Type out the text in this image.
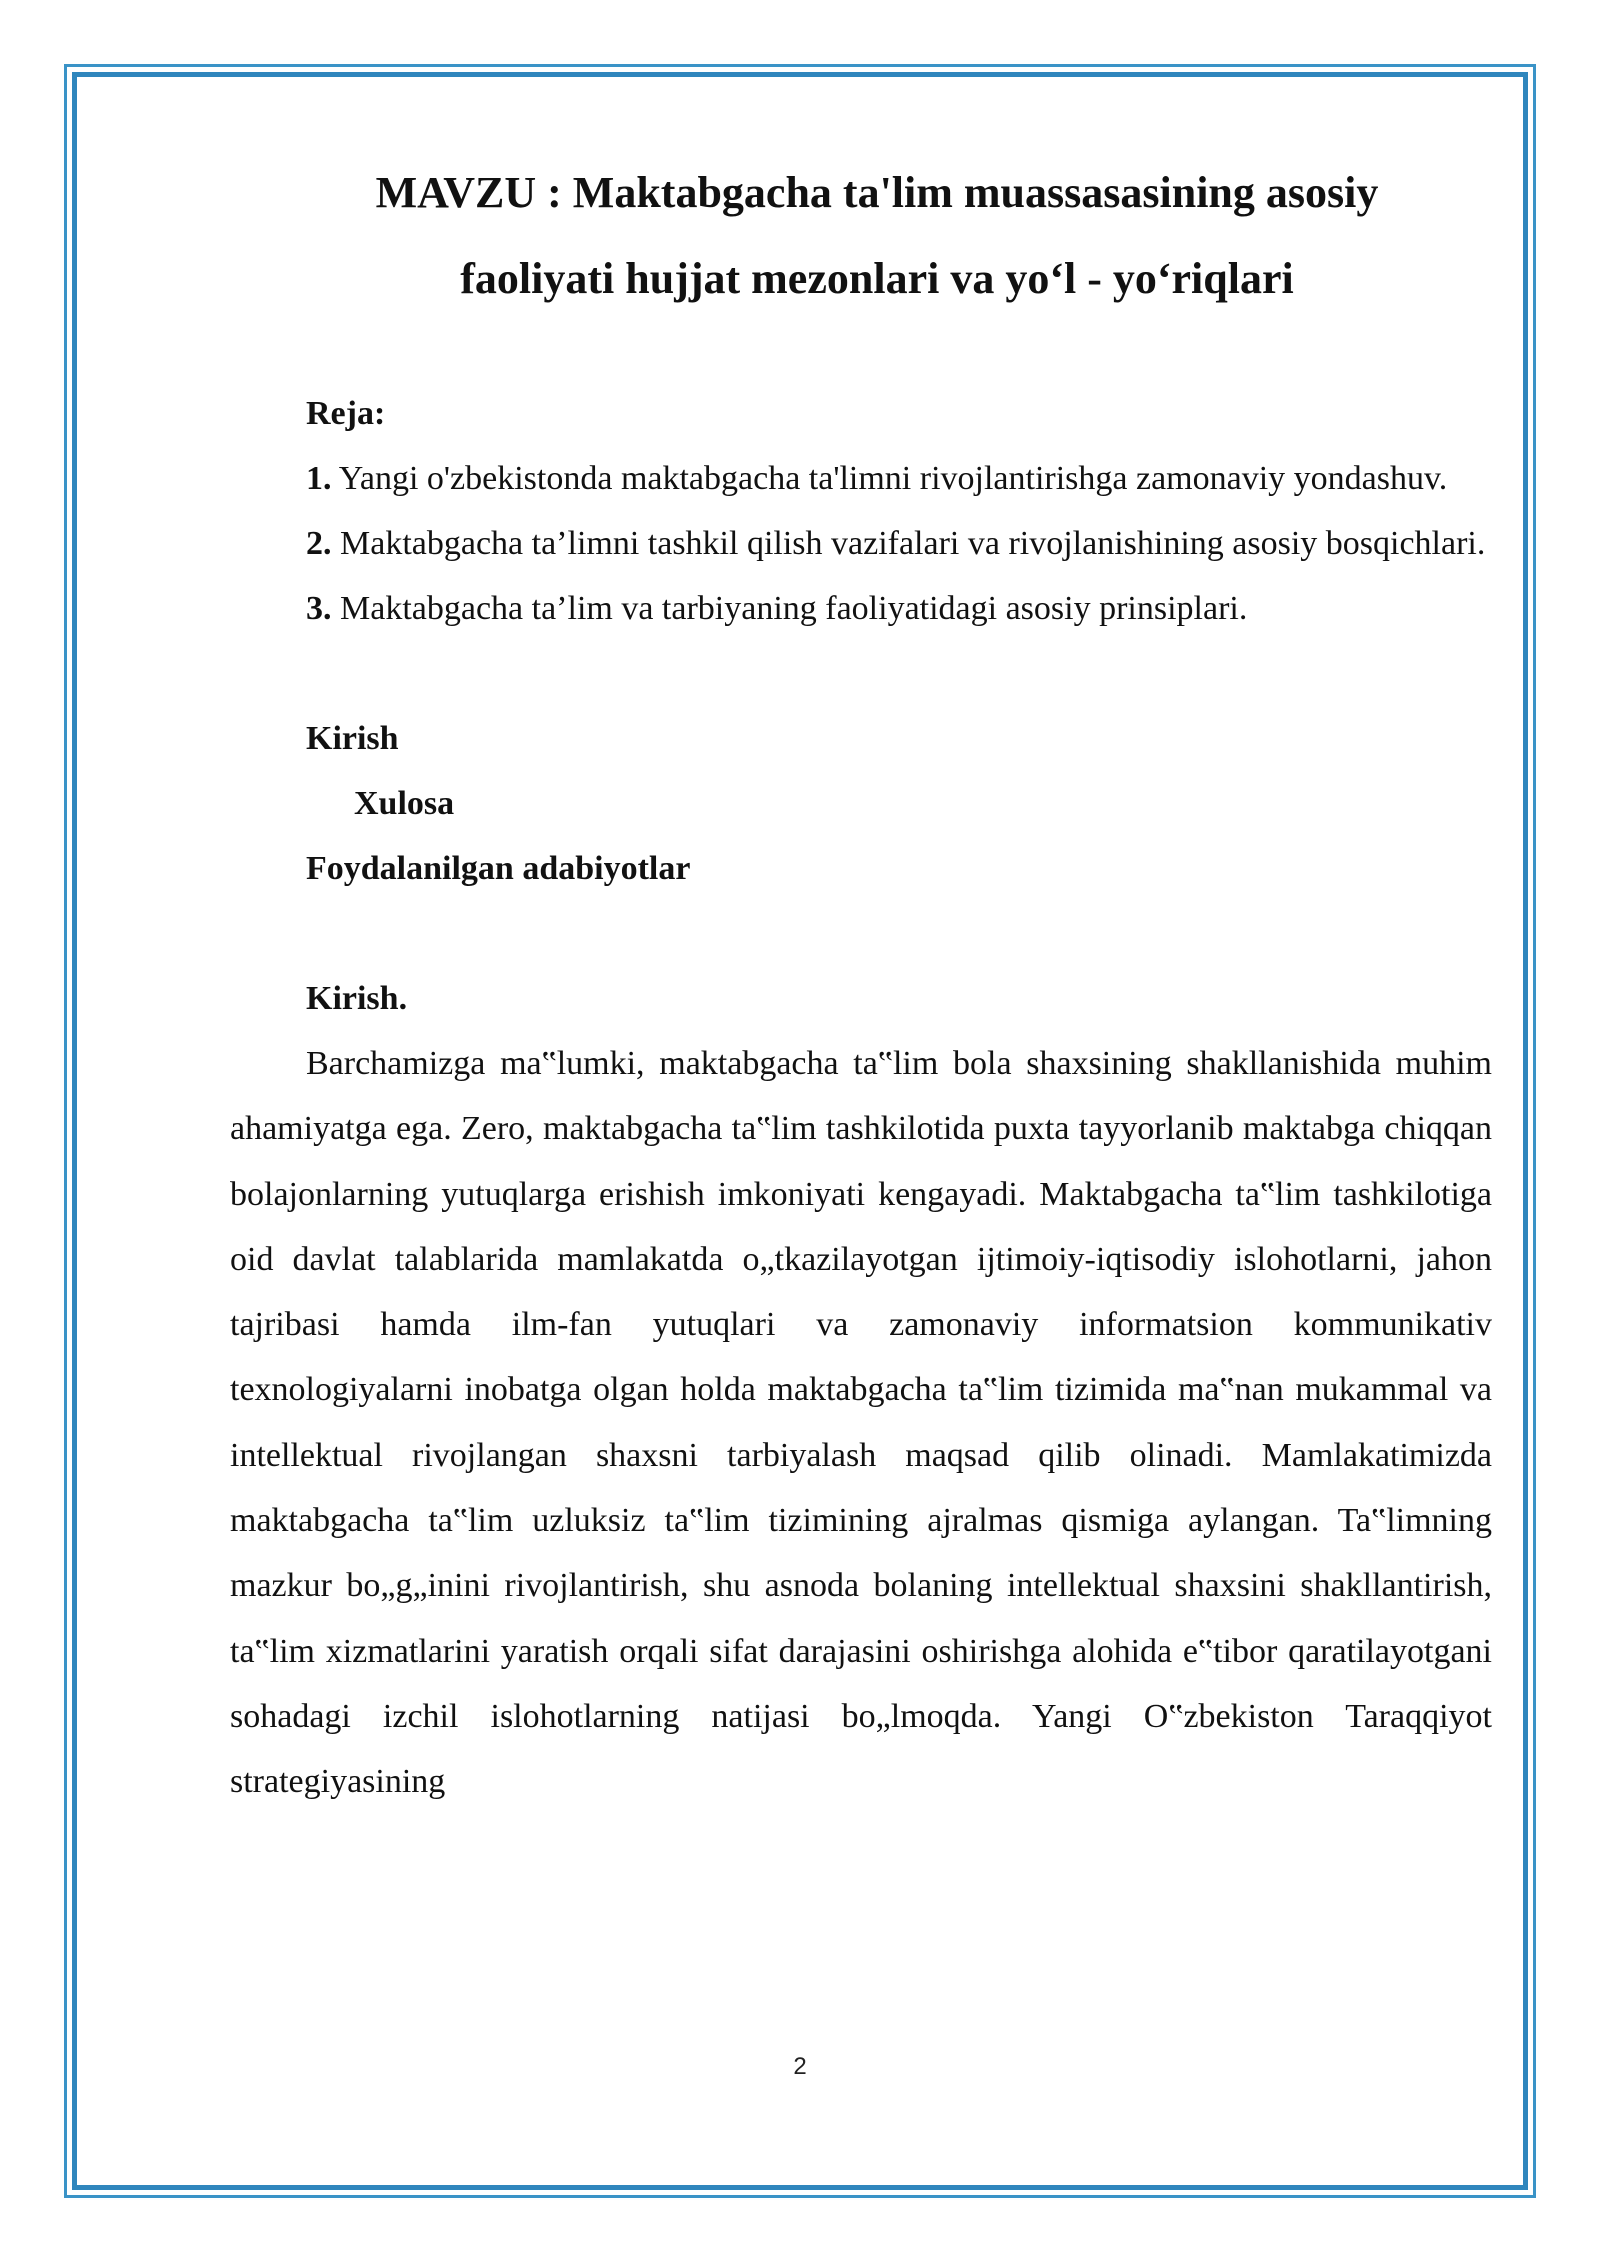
MAVZU : Maktabgacha ta'lim muassasasining asosiy
faoliyati hujjat mezonlari va yo‘l - yo‘riqlari

Reja:

1. Yangi o'zbekistonda maktabgacha ta'limni rivojlantirishga zamonaviy yondashuv.

2. Maktabgacha ta’limni tashkil qilish vazifalari va rivojlanishining asosiy bosqichlari.

3. Maktabgacha ta’lim va tarbiyaning faoliyatidagi asosiy prinsiplari.

Kirish

Xulosa

Foydalanilgan adabiyotlar

Kirish.

Barchamizga ma‟lumki, maktabgacha ta‟lim bola shaxsining shakllanishida muhim ahamiyatga ega. Zero, maktabgacha ta‟lim tashkilotida puxta tayyorlanib maktabga chiqqan bolajonlarning yutuqlarga erishish imkoniyati kengayadi. Maktabgacha ta‟lim tashkilotiga oid davlat talablarida mamlakatda o„tkazilayotgan ijtimoiy-iqtisodiy islohotlarni, jahon tajribasi hamda ilm-fan yutuqlari va zamonaviy informatsion kommunikativ texnologiyalarni inobatga olgan holda maktabgacha ta‟lim tizimida ma‟nan mukammal va intellektual rivojlangan shaxsni tarbiyalash maqsad qilib olinadi. Mamlakatimizda maktabgacha ta‟lim uzluksiz ta‟lim tizimining ajralmas qismiga aylangan. Ta‟limning mazkur bo„g„inini rivojlantirish, shu asnoda bolaning intellektual shaxsini shakllantirish, ta‟lim xizmatlarini yaratish orqali sifat darajasini oshirishga alohida e‟tibor qaratilayotgani sohadagi izchil islohotlarning natijasi bo„lmoqda. Yangi O‟zbekiston Taraqqiyot strategiyasining

2
